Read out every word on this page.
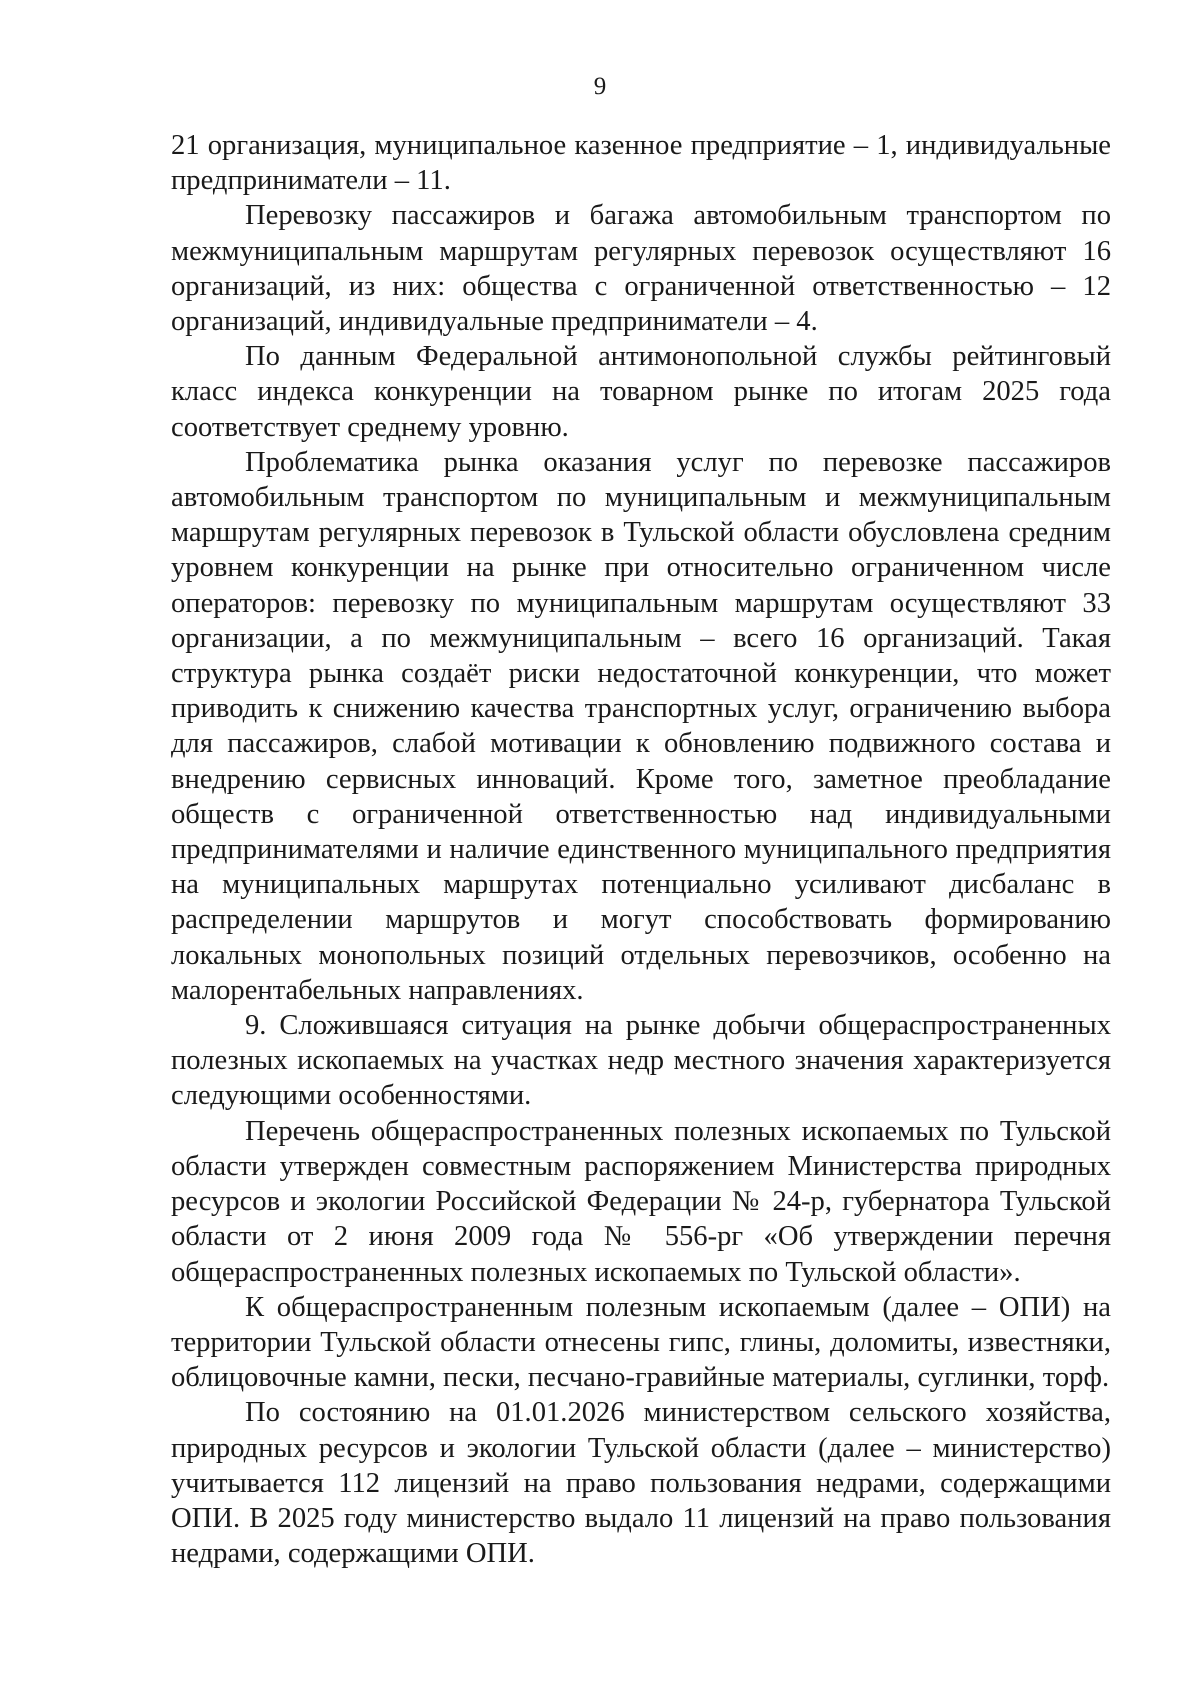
9

21 организация, муниципальное казенное предприятие – 1, индивидуальные предприниматели – 11.

Перевозку пассажиров и багажа автомобильным транспортом по межмуниципальным маршрутам регулярных перевозок осуществляют 16 организаций, из них: общества с ограниченной ответственностью – 12 организаций, индивидуальные предприниматели – 4.

По данным Федеральной антимонопольной службы рейтинговый класс индекса конкуренции на товарном рынке по итогам 2025 года соответствует среднему уровню.

Проблематика рынка оказания услуг по перевозке пассажиров автомобильным транспортом по муниципальным и межмуниципальным маршрутам регулярных перевозок в Тульской области обусловлена средним уровнем конкуренции на рынке при относительно ограниченном числе операторов: перевозку по муниципальным маршрутам осуществляют 33 организации, а по межмуниципальным – всего 16 организаций. Такая структура рынка создаёт риски недостаточной конкуренции, что может приводить к снижению качества транспортных услуг, ограничению выбора для пассажиров, слабой мотивации к обновлению подвижного состава и внедрению сервисных инноваций. Кроме того, заметное преобладание обществ с ограниченной ответственностью над индивидуальными предпринимателями и наличие единственного муниципального предприятия на муниципальных маршрутах потенциально усиливают дисбаланс в распределении маршрутов и могут способствовать формированию локальных монопольных позиций отдельных перевозчиков, особенно на малорентабельных направлениях.

9. Сложившаяся ситуация на рынке добычи общераспространенных полезных ископаемых на участках недр местного значения характеризуется следующими особенностями.

Перечень общераспространенных полезных ископаемых по Тульской области утвержден совместным распоряжением Министерства природных ресурсов и экологии Российской Федерации № 24-р, губернатора Тульской области от 2 июня 2009 года № 556-рг «Об утверждении перечня общераспространенных полезных ископаемых по Тульской области».

К общераспространенным полезным ископаемым (далее – ОПИ) на территории Тульской области отнесены гипс, глины, доломиты, известняки, облицовочные камни, пески, песчано-гравийные материалы, суглинки, торф.

По состоянию на 01.01.2026 министерством сельского хозяйства, природных ресурсов и экологии Тульской области (далее – министерство) учитывается 112 лицензий на право пользования недрами, содержащими ОПИ. В 2025 году министерство выдало 11 лицензий на право пользования недрами, содержащими ОПИ.
